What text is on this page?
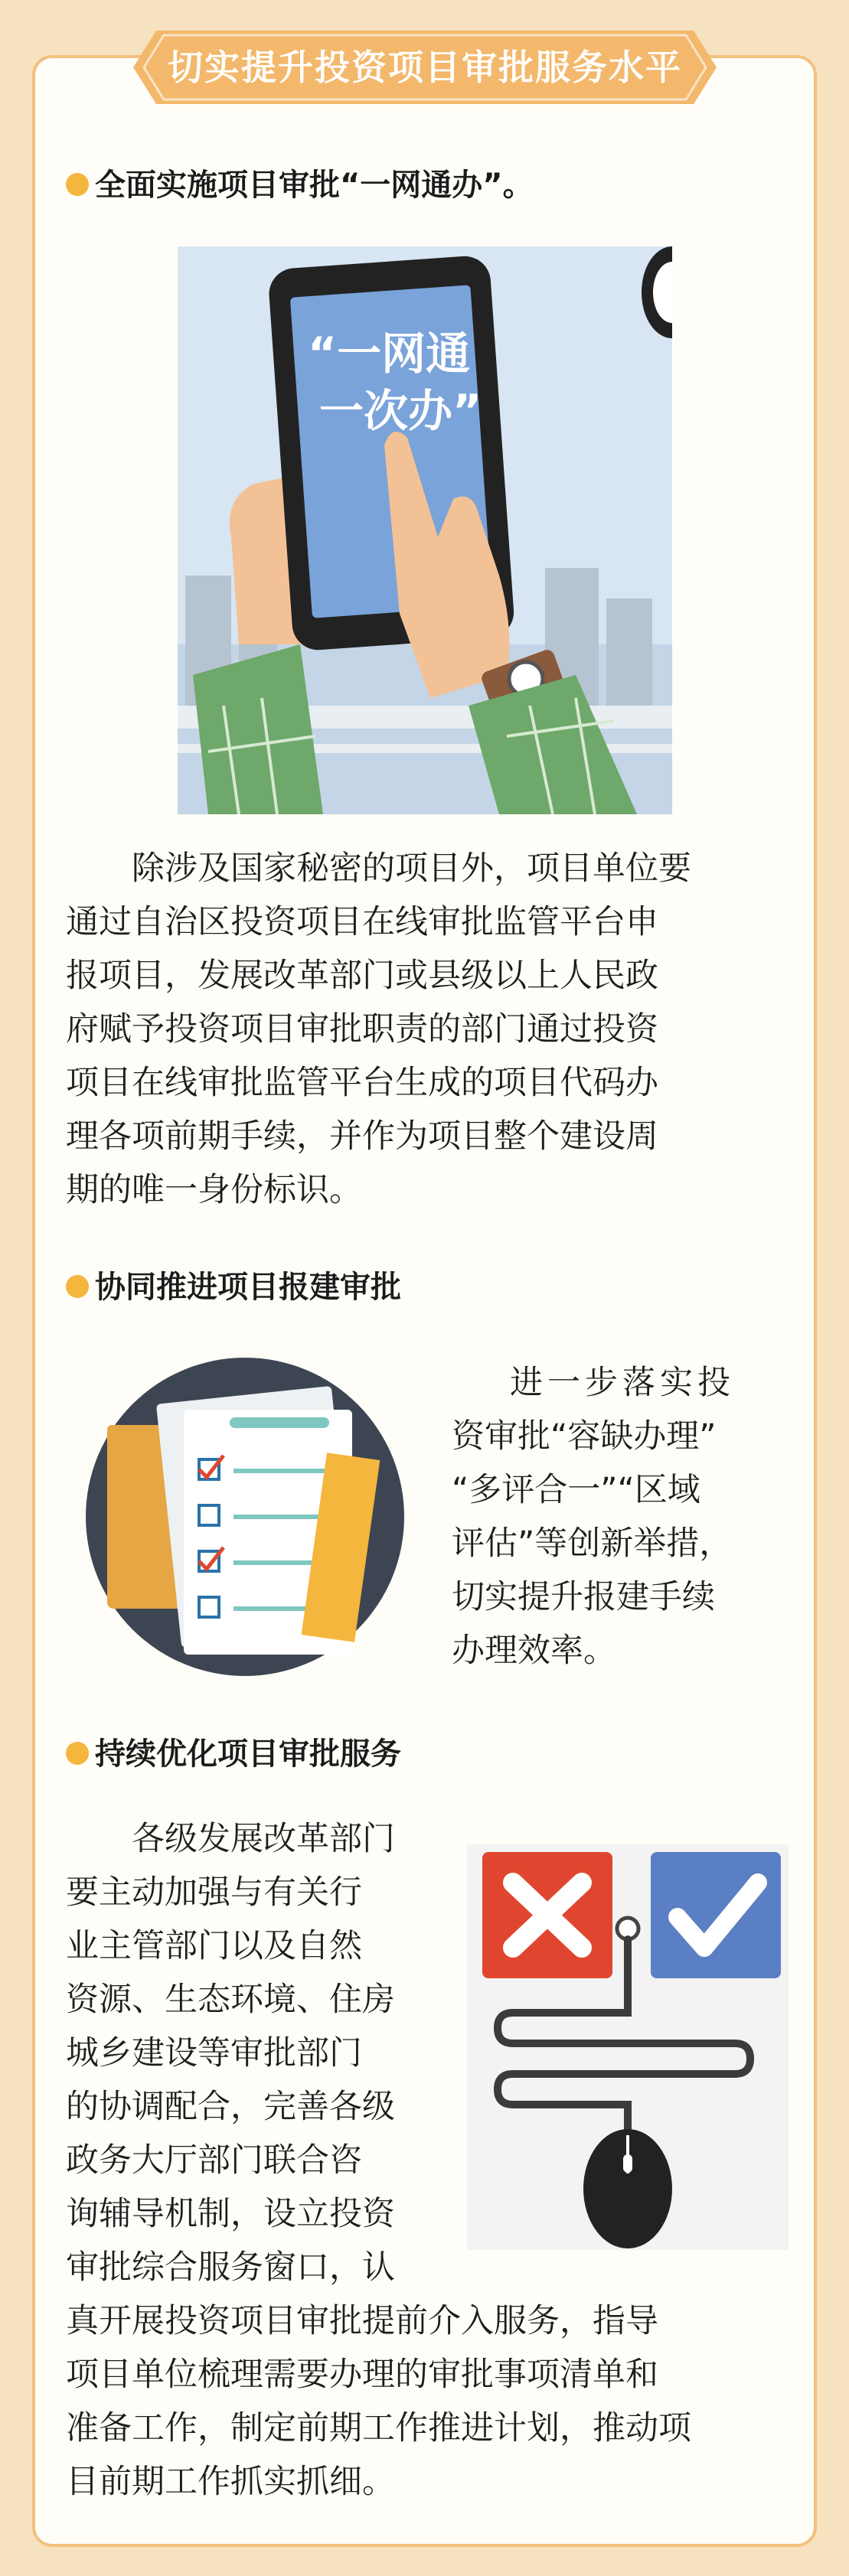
切实提升投资项目审批服务水平
全面实施项目审批“一网通办”。
“一网通
一次办”
除涉及国家秘密的项目外，项目单位要
通过自治区投资项目在线审批监管平台申
报项目，发展改革部门或县级以上人民政
府赋予投资项目审批职责的部门通过投资
项目在线审批监管平台生成的项目代码办
理各项前期手续，并作为项目整个建设周
期的唯一身份标识。
协同推进项目报建审批
进一步落实投
资审批“容缺办理”
“多评合一”“区域
评估”等创新举措，
切实提升报建手续
办理效率。
持续优化项目审批服务
各级发展改革部门
要主动加强与有关行
业主管部门以及自然
资源、生态环境、住房
城乡建设等审批部门
的协调配合，完善各级
政务大厅部门联合咨
询辅导机制，设立投资
审批综合服务窗口，认
真开展投资项目审批提前介入服务，指导
项目单位梳理需要办理的审批事项清单和
准备工作，制定前期工作推进计划，推动项
目前期工作抓实抓细。
